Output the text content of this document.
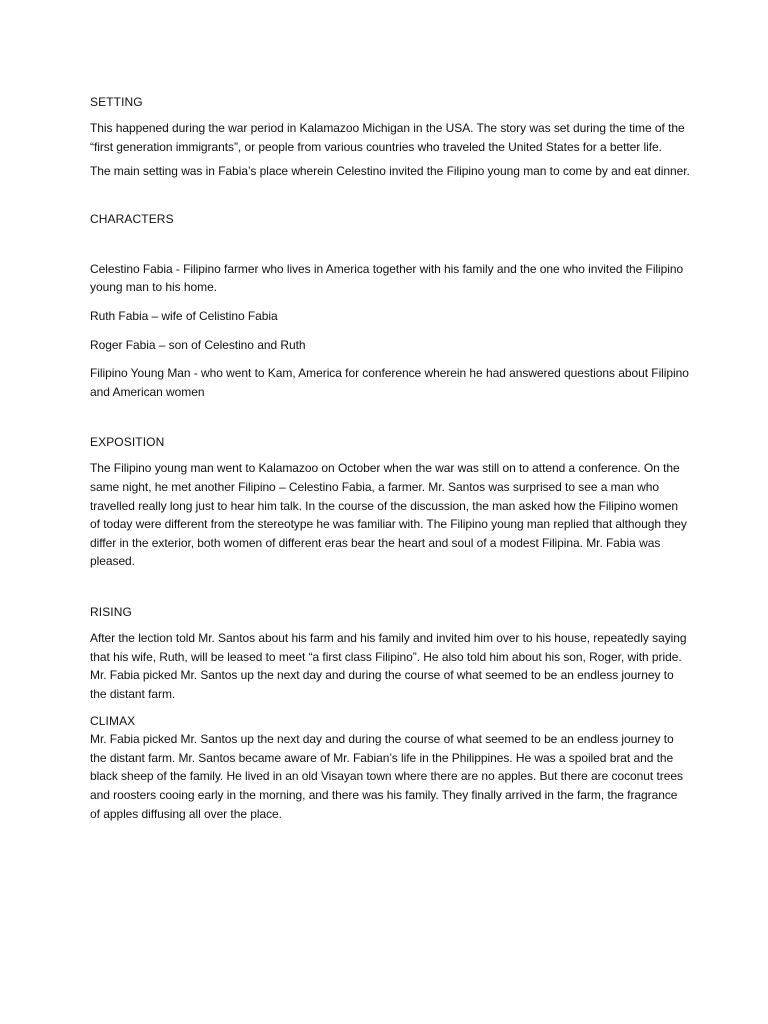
SETTING

This happened during the war period in Kalamazoo Michigan in the USA. The story was set during the time of the “first generation immigrants”, or people from various countries who traveled the United States for a better life.

The main setting was in Fabia’s place wherein Celestino invited the Filipino young man to come by and eat dinner.

CHARACTERS

Celestino Fabia - Filipino farmer who lives in America together with his family and the one who invited the Filipino young man to his home.

Ruth Fabia – wife of Celistino Fabia

Roger Fabia – son of Celestino and Ruth

Filipino Young Man - who went to Kam, America for conference wherein he had answered questions about Filipino and American women

EXPOSITION

The Filipino young man went to Kalamazoo on October when the war was still on to attend a conference. On the same night, he met another Filipino – Celestino Fabia, a farmer. Mr. Santos was surprised to see a man who travelled really long just to hear him talk. In the course of the discussion, the man asked how the Filipino women of today were different from the stereotype he was familiar with. The Filipino young man replied that although they differ in the exterior, both women of different eras bear the heart and soul of a modest Filipina. Mr. Fabia was pleased.

RISING

After the lection told Mr. Santos about his farm and his family and invited him over to his house, repeatedly saying that his wife, Ruth, will be leased to meet “a first class Filipino”. He also told him about his son, Roger, with pride. Mr. Fabia picked Mr. Santos up the next day and during the course of what seemed to be an endless journey to the distant farm.

CLIMAX

Mr. Fabia picked Mr. Santos up the next day and during the course of what seemed to be an endless journey to the distant farm. Mr. Santos became aware of Mr. Fabian’s life in the Philippines. He was a spoiled brat and the black sheep of the family. He lived in an old Visayan town where there are no apples. But there are coconut trees and roosters cooing early in the morning, and there was his family. They finally arrived in the farm, the fragrance of apples diffusing all over the place.
